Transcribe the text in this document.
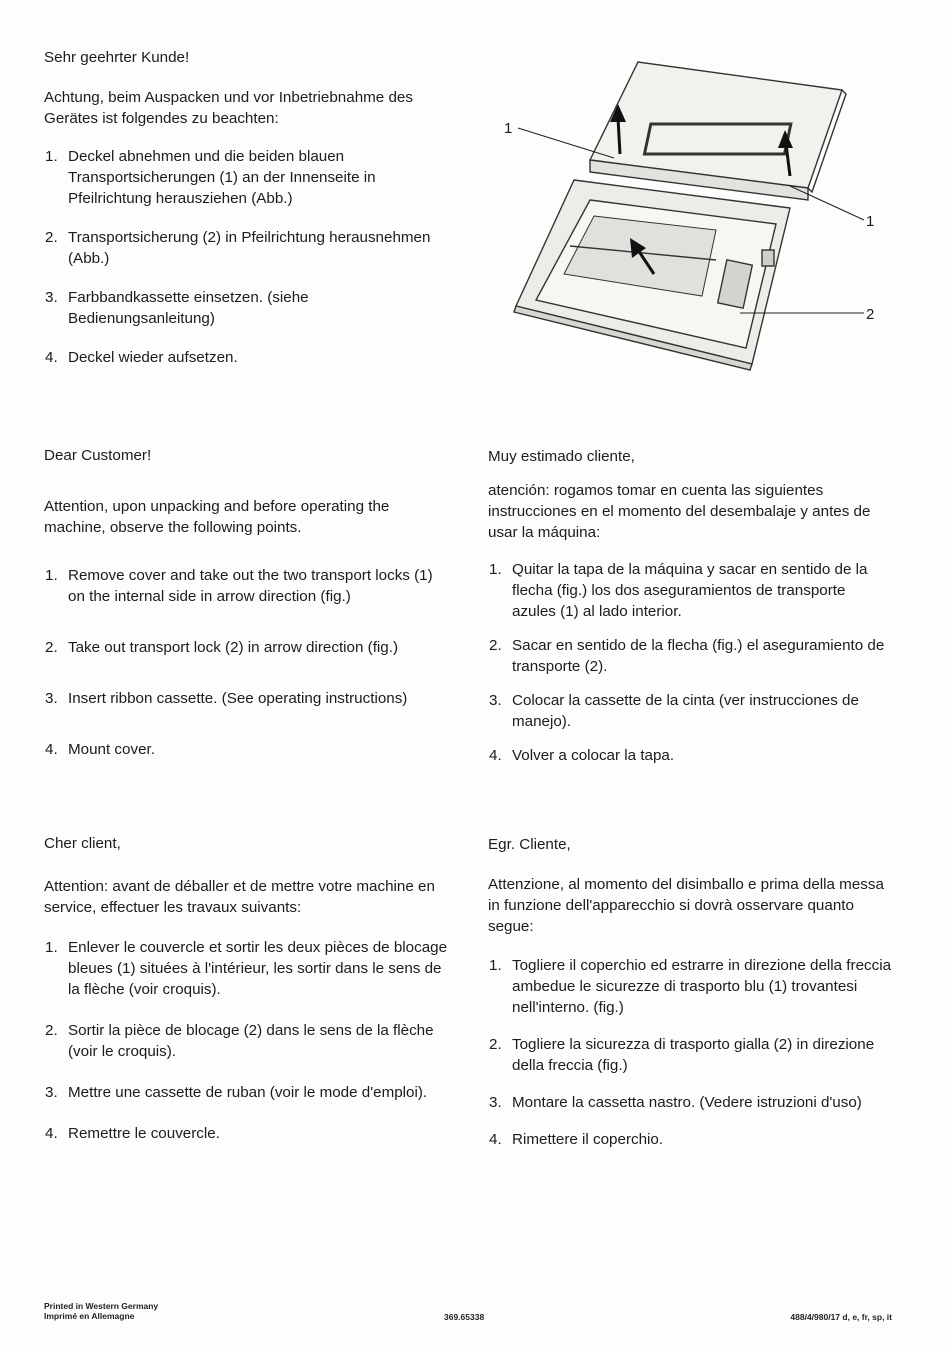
Sehr geehrter Kunde!

Achtung, beim Auspacken und vor Inbetriebnahme des Gerätes ist folgendes zu beachten:

1. Deckel abnehmen und die beiden blauen Transportsicherungen (1) an der Innenseite in Pfeilrichtung herausziehen (Abb.)
2. Transportsicherung (2) in Pfeilrichtung herausnehmen (Abb.)
3. Farbbandkassette einsetzen. (siehe Bedienungsanleitung)
4. Deckel wieder aufsetzen.
1
1
2

Dear Customer!

Attention, upon unpacking and before operating the machine, observe the following points.

1. Remove cover and take out the two transport locks (1) on the internal side in arrow direction (fig.)
2. Take out transport lock (2) in arrow direction (fig.)
3. Insert ribbon cassette. (See operating instructions)
4. Mount cover.

Muy estimado cliente,

atención: rogamos tomar en cuenta las siguientes instrucciones en el momento del desembalaje y antes de usar la máquina:

1. Quitar la tapa de la máquina y sacar en sentido de la flecha (fig.) los dos aseguramientos de transporte azules (1) al lado interior.
2. Sacar en sentido de la flecha (fig.) el aseguramiento de transporte (2).
3. Colocar la cassette de la cinta (ver instrucciones de manejo).
4. Volver a colocar la tapa.

Cher client,

Attention: avant de déballer et de mettre votre machine en service, effectuer les travaux suivants:

1. Enlever le couvercle et sortir les deux pièces de blocage bleues (1) situées à l'intérieur, les sortir dans le sens de la flèche (voir croquis).
2. Sortir la pièce de blocage (2) dans le sens de la flèche (voir le croquis).
3. Mettre une cassette de ruban (voir le mode d'emploi).
4. Remettre le couvercle.

Egr. Cliente,

Attenzione, al momento del disimballo e prima della messa in funzione dell'apparecchio si dovrà osservare quanto segue:

1. Togliere il coperchio ed estrarre in direzione della freccia ambedue le sicurezze di trasporto blu (1) trovantesi nell'interno. (fig.)
2. Togliere la sicurezza di trasporto gialla (2) in direzione della freccia (fig.)
3. Montare la cassetta nastro. (Vedere istruzioni d'uso)
4. Rimettere il coperchio.
Printed in Western Germany
Imprimé en Allemagne	369.65338	488/4/980/17 d, e, fr, sp, it
